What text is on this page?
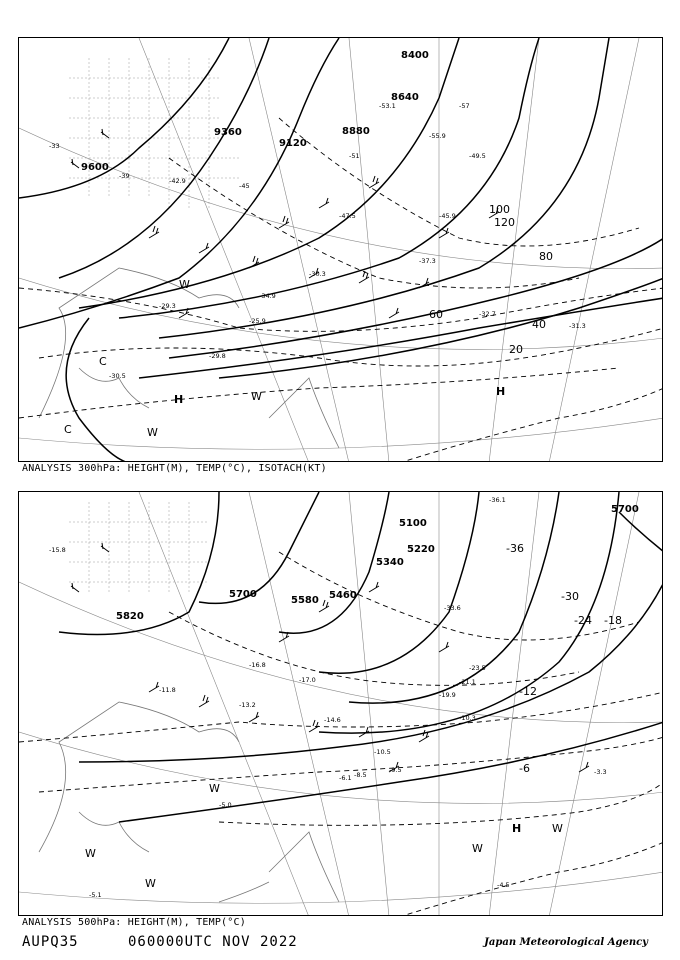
9600
9360
9120
8880
8640
8400
20
40
60
80
100
120
-33
-39
-45
-51
-57
-30.5
-45.9
-31.3
-32.7
-29.8
-37.3
-47.5
-29.3
-25.9
-53.1
-49.5
-30.3
-42.9
-55.9
-34.9
H
H
W
W
C
C
W
ANALYSIS 300hPa: HEIGHT(M), TEMP(°C), ISOTACH(KT)
5820
5700
5580 5460
5340
5220
5100
5700
-36
-30
-24 -18
-12
-6
-15.8
-23.5
-36.1
-19.9
-21.1
-10.3
-11.8
-16.8
-13.2
-17.0
-8.5
-5.0
-9.5	-3.3
-4.5
-5.1
-14.6
-10.5
-6.1
-33.6
H	W
W
W
W
W
ANALYSIS 500hPa: HEIGHT(M), TEMP(°C)
AUPQ35	060000UTC NOV 2022	Japan Meteorological Agency
